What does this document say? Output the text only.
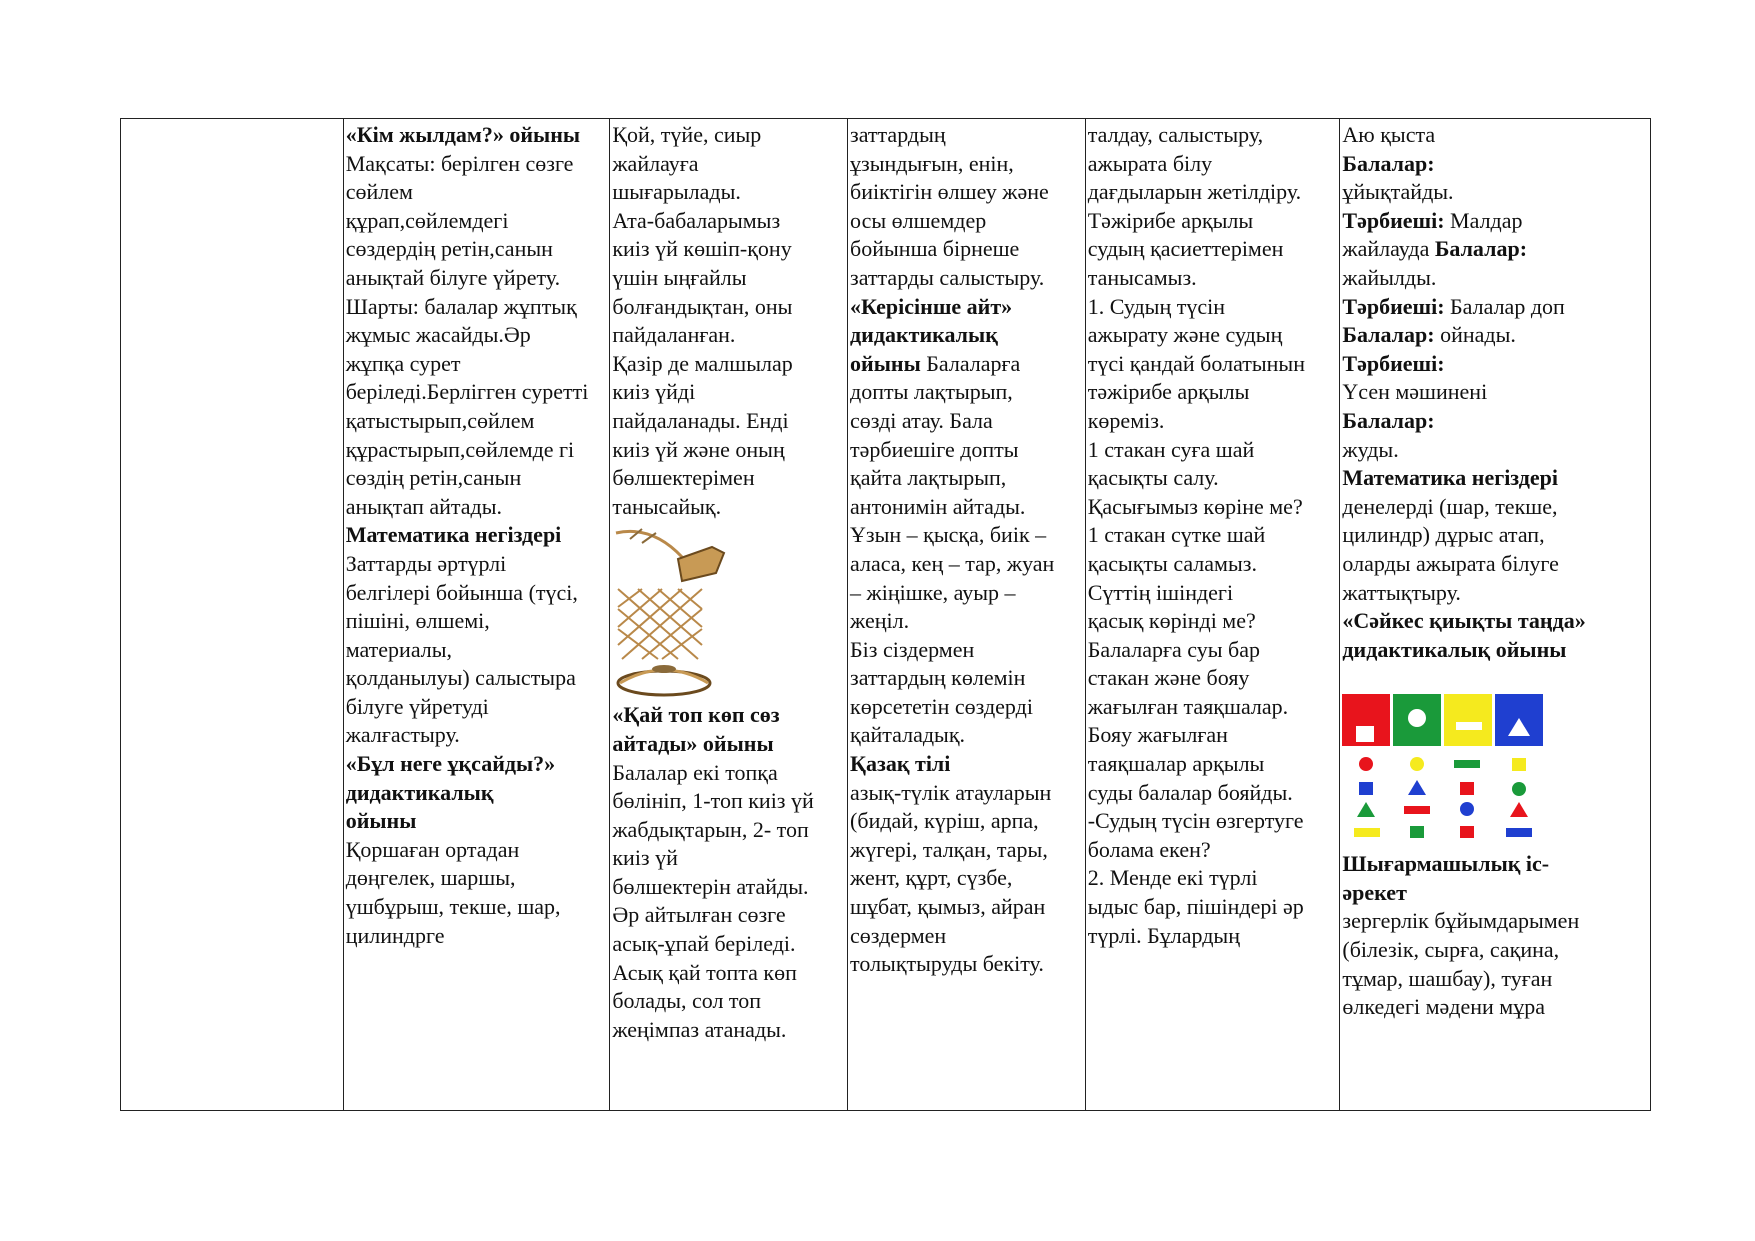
«Кім жылдам?» ойыны
Мақсаты: берілген сөзге
сөйлем
құрап,сөйлемдегі
сөздердің ретін,санын
анықтай білуге үйрету.
Шарты: балалар жұптық
жұмыс жасайды.Әр
жұпқа сурет
беріледі.Берлігген суретті
қатыстырып,сөйлем
құрастырып,сөйлемде гі
сөздің ретін,санын
анықтап айтады.
Математика негіздері
Заттарды әртүрлі
белгілері бойынша (түсі,
пішіні, өлшемі,
материалы,
қолданылуы) салыстыра
білуге үйретуді
жалғастыру.
«Бұл неге ұқсайды?»
дидактикалық
ойыны
Қоршаған ортадан
дөңгелек, шаршы,
үшбұрыш, текше, шар,
цилиндрге
Қой, түйе, сиыр
жайлауға
шығарылады.
Ата-бабаларымыз
киіз үй көшіп-қону
үшін ыңғайлы
болғандықтан, оны
пайдаланған.
Қазір де малшылар
киіз үйді
пайдаланады. Енді
киіз үй және оның
бөлшектерімен
танысайық.
«Қай топ көп сөз
айтады» ойыны
Балалар екі топқа
бөлініп, 1-топ киіз үй
жабдықтарын, 2- топ
киіз үй
бөлшектерін атайды.
Әр айтылған сөзге
асық-ұпай беріледі.
Асық қай топта көп
болады, сол топ
жеңімпаз атанады.
заттардың
ұзындығын, енін,
биіктігін өлшеу және
осы өлшемдер
бойынша бірнеше
заттарды салыстыру.
«Керісінше айт»
дидактикалық
ойыны Балаларға
допты лақтырып,
сөзді атау. Бала
тәрбиешіге допты
қайта лақтырып,
антонимін айтады.
Ұзын – қысқа, биік –
аласа, кең – тар, жуан
– жіңішке, ауыр –
жеңіл.
Біз сіздермен
заттардың көлемін
көрсететін сөздерді
қайталадық.
Қазақ тілі
азық-түлік атауларын
(бидай, күріш, арпа,
жүгері, талқан, тары,
жент, құрт, сүзбе,
шұбат, қымыз, айран
сөздермен
толықтыруды бекіту.
талдау, салыстыру,
ажырата білу
дағдыларын жетілдіру.
Тәжірибе арқылы
судың қасиеттерімен
танысамыз.
1. Судың түсін
ажырату және судың
түсі қандай болатынын
тәжірибе арқылы
көреміз.
1 стакан суға шай
қасықты салу.
Қасығымыз көріне ме?
1 стакан сүтке шай
қасықты саламыз.
Сүттің ішіндегі
қасық көрінді ме?
Балаларға суы бар
стакан және бояу
жағылған таяқшалар.
Бояу жағылған
таяқшалар арқылы
суды балалар бояйды.
-Судың түсін өзгертуге
болама екен?
2. Менде екі түрлі
ыдыс бар, пішіндері әр
түрлі. Бұлардың
Аю қыста
Балалар:
ұйықтайды.
Тәрбиеші: Малдар
жайлауда Балалар:
жайылды.
Тәрбиеші: Балалар доп
Балалар: ойнады.
Тәрбиеші:
Үсен мәшинені
Балалар:
жуды.
Математика негіздері
денелерді (шар, текше,
цилиндр) дұрыс атап,
оларды ажырата білуге
жаттықтыру.
«Сәйкес қиықты таңда»
дидактикалық ойыны
Шығармашылық іс-
әрекет
зергерлік бұйымдарымен
(білезік, сырға, сақина,
тұмар, шашбау), туған
өлкедегі мәдени мұра
